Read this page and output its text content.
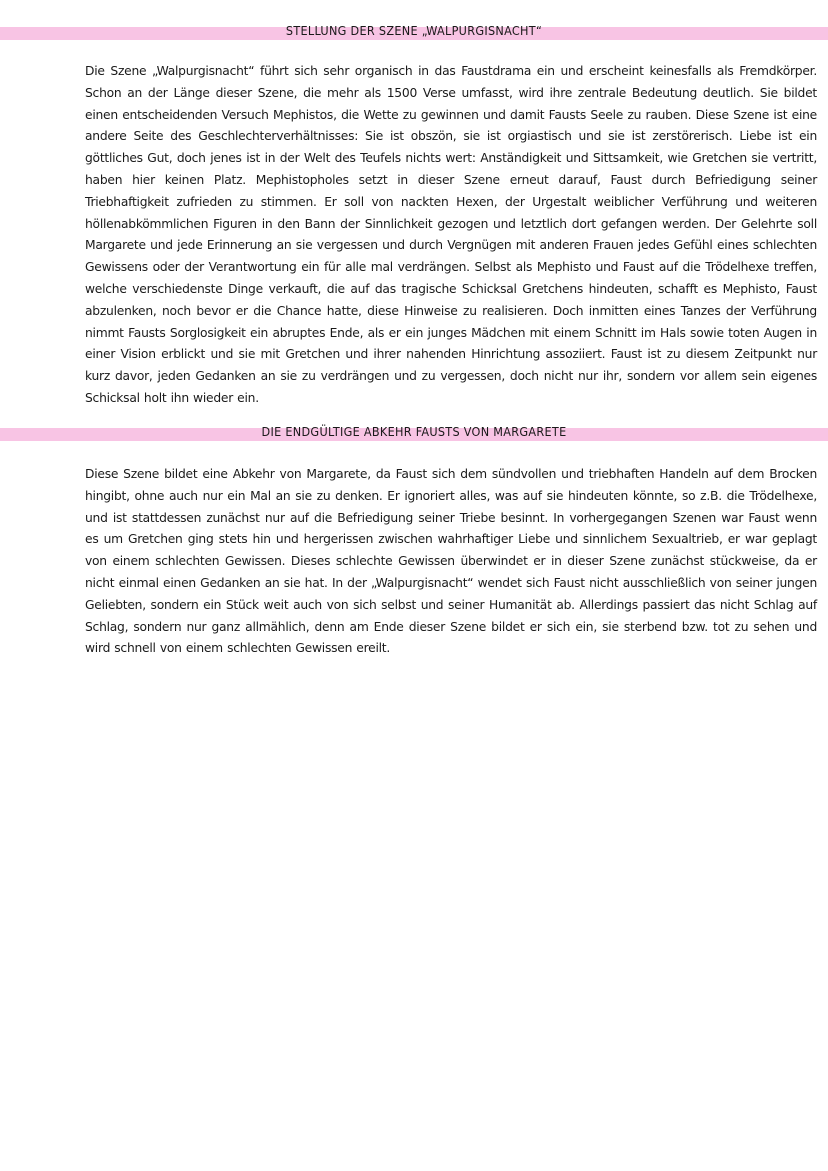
STELLUNG DER SZENE „WALPURGISNACHT“

Die Szene „Walpurgisnacht“ führt sich sehr organisch in das Faustdrama ein und erscheint keinesfalls als Fremdkörper. Schon an der Länge dieser Szene, die mehr als 1500 Verse umfasst, wird ihre zentrale Bedeutung deutlich. Sie bildet einen entscheidenden Versuch Mephistos, die Wette zu gewinnen und damit Fausts Seele zu rauben. Diese Szene ist eine andere Seite des Geschlechterverhältnisses: Sie ist obszön, sie ist orgiastisch und sie ist zerstörerisch. Liebe ist ein göttliches Gut, doch jenes ist in der Welt des Teufels nichts wert: Anständigkeit und Sittsamkeit, wie Gretchen sie vertritt, haben hier keinen Platz. Mephistopholes setzt in dieser Szene erneut darauf, Faust durch Befriedigung seiner Triebhaftigkeit zufrieden zu stimmen. Er soll von nackten Hexen, der Urgestalt weiblicher Verführung und weiteren höllenabkömmlichen Figuren in den Bann der Sinnlichkeit gezogen und letztlich dort gefangen werden. Der Gelehrte soll Margarete und jede Erinnerung an sie vergessen und durch Vergnügen mit anderen Frauen jedes Gefühl eines schlechten Gewissens oder der Verantwortung ein für alle mal verdrängen. Selbst als Mephisto und Faust auf die Trödelhexe treffen, welche verschiedenste Dinge verkauft, die auf das tragische Schicksal Gretchens hindeuten, schafft es Mephisto, Faust abzulenken, noch bevor er die Chance hatte, diese Hinweise zu realisieren. Doch inmitten eines Tanzes der Verführung nimmt Fausts Sorglosigkeit ein abruptes Ende, als er ein junges Mädchen mit einem Schnitt im Hals sowie toten Augen in einer Vision erblickt und sie mit Gretchen und ihrer nahenden Hinrichtung assoziiert. Faust ist zu diesem Zeitpunkt nur kurz davor, jeden Gedanken an sie zu verdrängen und zu vergessen, doch nicht nur ihr, sondern vor allem sein eigenes Schicksal holt ihn wieder ein.

DIE ENDGÜLTIGE ABKEHR FAUSTS VON MARGARETE

Diese Szene bildet eine Abkehr von Margarete, da Faust sich dem sündvollen und triebhaften Handeln auf dem Brocken hingibt, ohne auch nur ein Mal an sie zu denken. Er ignoriert alles, was auf sie hindeuten könnte, so z.B. die Trödelhexe, und ist stattdessen zunächst nur auf die Befriedigung seiner Triebe besinnt. In vorhergegangen Szenen war Faust wenn es um Gretchen ging stets hin und hergerissen zwischen wahrhaftiger Liebe und sinnlichem Sexualtrieb, er war geplagt von einem schlechten Gewissen. Dieses schlechte Gewissen überwindet er in dieser Szene zunächst stückweise, da er nicht einmal einen Gedanken an sie hat. In der „Walpurgisnacht“ wendet sich Faust nicht ausschließlich von seiner jungen Geliebten, sondern ein Stück weit auch von sich selbst und seiner Humanität ab. Allerdings passiert das nicht Schlag auf Schlag, sondern nur ganz allmählich, denn am Ende dieser Szene bildet er sich ein, sie sterbend bzw. tot zu sehen und wird schnell von einem schlechten Gewissen ereilt.
